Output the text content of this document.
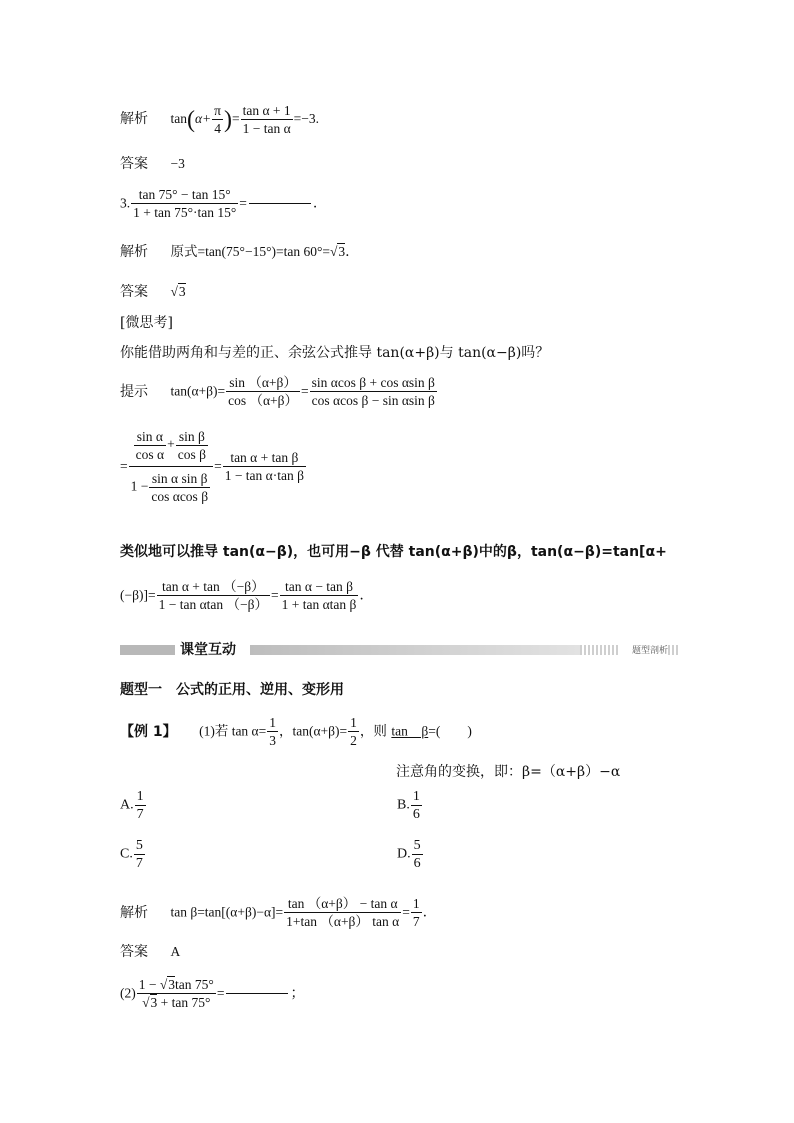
解析 $\tan(\alpha+ \frac{\pi}{4}$ )= $\frac{\text{tan α + 1}}{\text{1 − tan α}} =-3$.
答案 −3
3. $\frac{\tan 75^\circ - \tan 15^\circ}{1 + \tan 75^\circ\cdot\tan 15^\circ}$ =	.
解析 原式=tan(75°−15°)=tan 60°=√3.
答案 √3
[微思考]
你能借助两角和与差的正、余弦公式推导 tan(α+β)与 tan(α−β)吗？
提示 $\tan(\alpha+\beta)= \frac{\sin (\alpha+\beta)}{\cos (\alpha+\beta)} = \frac{\text{sin αcos β + cos αsin β}}{\text{cos αcos β − sin αsin β}}$
= $\frac{\frac{\text{sin α}}{\text{cos α}} + \frac{\text{sin β}}{\text{cos β}}}{1 - \frac{\text{sin α sin β}}{\text{cos αcos β}}} = \frac{\text{tan α + tan β}}{\text{1 − tan α·tan β}}$
类似地可以推导 tan(α−β)，也可用−β 代替 tan(α+β)中的β，tan(α−β)=tan[α+
$(-\beta)]= \frac{\text{tan α + tan （−β）}}{\text{1 − tan αtan （−β）}} = \frac{\text{tan α − tan β}}{\text{1 + tan αtan β}}$ .
课堂互动	题型剖析
题型一　公式的正用、逆用、变形用
【例 1】 (1)若 $\tan \alpha= \frac{1}{3}$ ，$\tan(\alpha+\beta)= \frac{1}{2}$ ，则 tan　β=(　　)
注意角的变换，即：β=（α+β）−α
A. $\frac{1}{7}$	B. $\frac{1}{6}$
C. $\frac{5}{7}$	D. $\frac{5}{6}$
解析 $\tan \beta=\tan[(\alpha+\beta)-\alpha]= \frac{\text{tan （α+β） − tan α}}{\text{1+tan （α+β） tan α}} = \frac{1}{7}$ .
答案 A
$(2) \frac{1 - √3\tan 75^\circ}{√3 + \tan 75^\circ}$ =	；
